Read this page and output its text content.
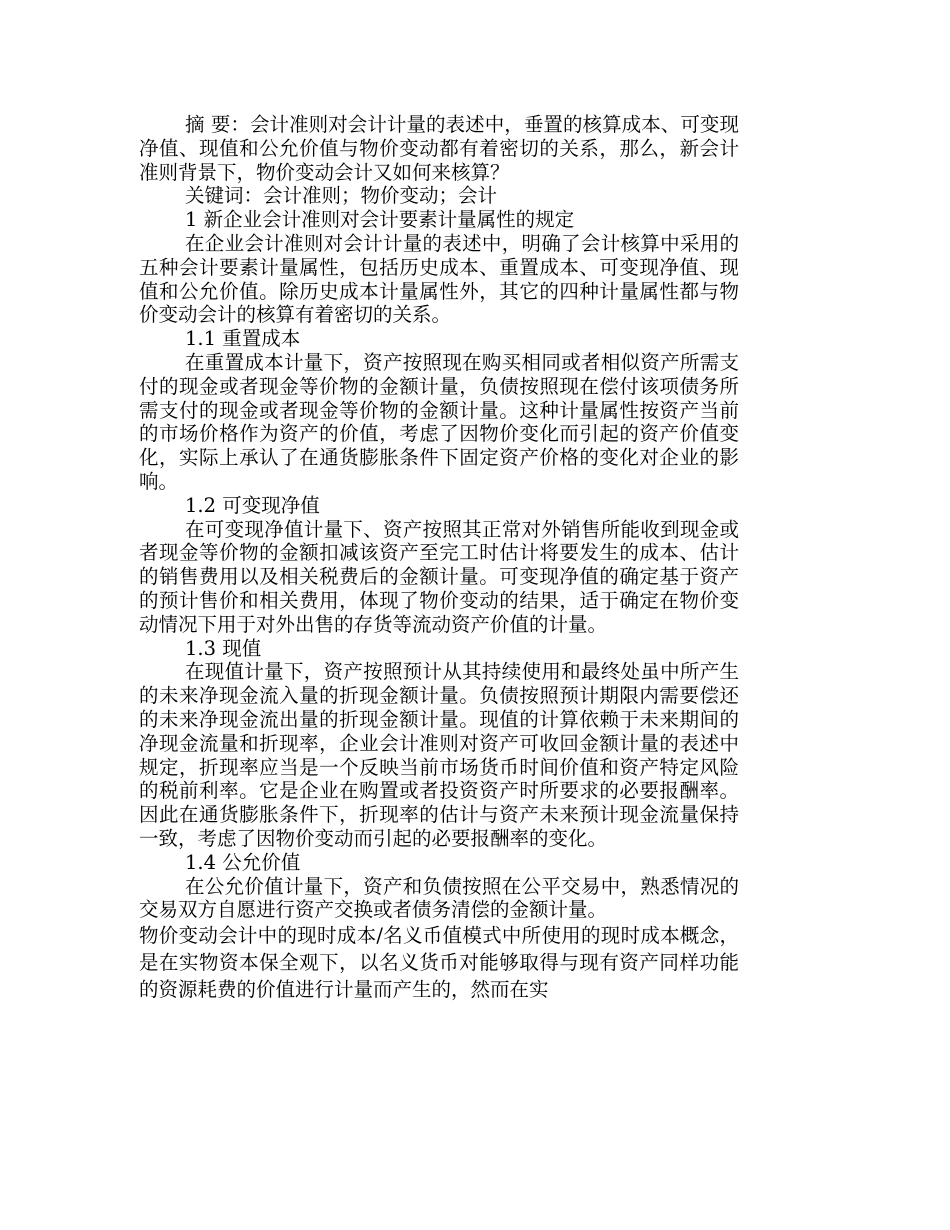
摘 要：会计准则对会计计量的表述中，垂置的核算成本、可变现净值、现值和公允价值与物价变动都有着密切的关系，那么，新会计准则背景下，物价变动会计又如何来核算？

关键词：会计准则；物价变动；会计

1 新企业会计准则对会计要素计量属性的规定

在企业会计准则对会计计量的表述中，明确了会计核算中采用的五种会计要素计量属性，包括历史成本、重置成本、可变现净值、现值和公允价值。除历史成本计量属性外，其它的四种计量属性都与物价变动会计的核算有着密切的关系。

1.1 重置成本

在重置成本计量下，资产按照现在购买相同或者相似资产所需支付的现金或者现金等价物的金额计量，负债按照现在偿付该项债务所需支付的现金或者现金等价物的金额计量。这种计量属性按资产当前的市场价格作为资产的价值，考虑了因物价变化而引起的资产价值变化，实际上承认了在通货膨胀条件下固定资产价格的变化对企业的影响。

1.2 可变现净值

在可变现净值计量下、资产按照其正常对外销售所能收到现金或者现金等价物的金额扣减该资产至完工时估计将要发生的成本、估计的销售费用以及相关税费后的金额计量。可变现净值的确定基于资产的预计售价和相关费用，体现了物价变动的结果，适于确定在物价变动情况下用于对外出售的存货等流动资产价值的计量。

1.3 现值

在现值计量下，资产按照预计从其持续使用和最终处虽中所产生的未来净现金流入量的折现金额计量。负债按照预计期限内需要偿还的未来净现金流出量的折现金额计量。现值的计算依赖于未来期间的净现金流量和折现率，企业会计准则对资产可收回金额计量的表述中规定，折现率应当是一个反映当前市场货币时间价值和资产特定风险的税前利率。它是企业在购置或者投资资产时所要求的必要报酬率。因此在通货膨胀条件下，折现率的估计与资产未来预计现金流量保持一致，考虑了因物价变动而引起的必要报酬率的变化。

1.4 公允价值

在公允价值计量下，资产和负债按照在公平交易中，熟悉情况的交易双方自愿进行资产交换或者债务清偿的金额计量。

物价变动会计中的现时成本/名义币值模式中所使用的现时成本概念，是在实物资本保全观下，以名义货币对能够取得与现有资产同样功能的资源耗费的价值进行计量而产生的，然而在实
